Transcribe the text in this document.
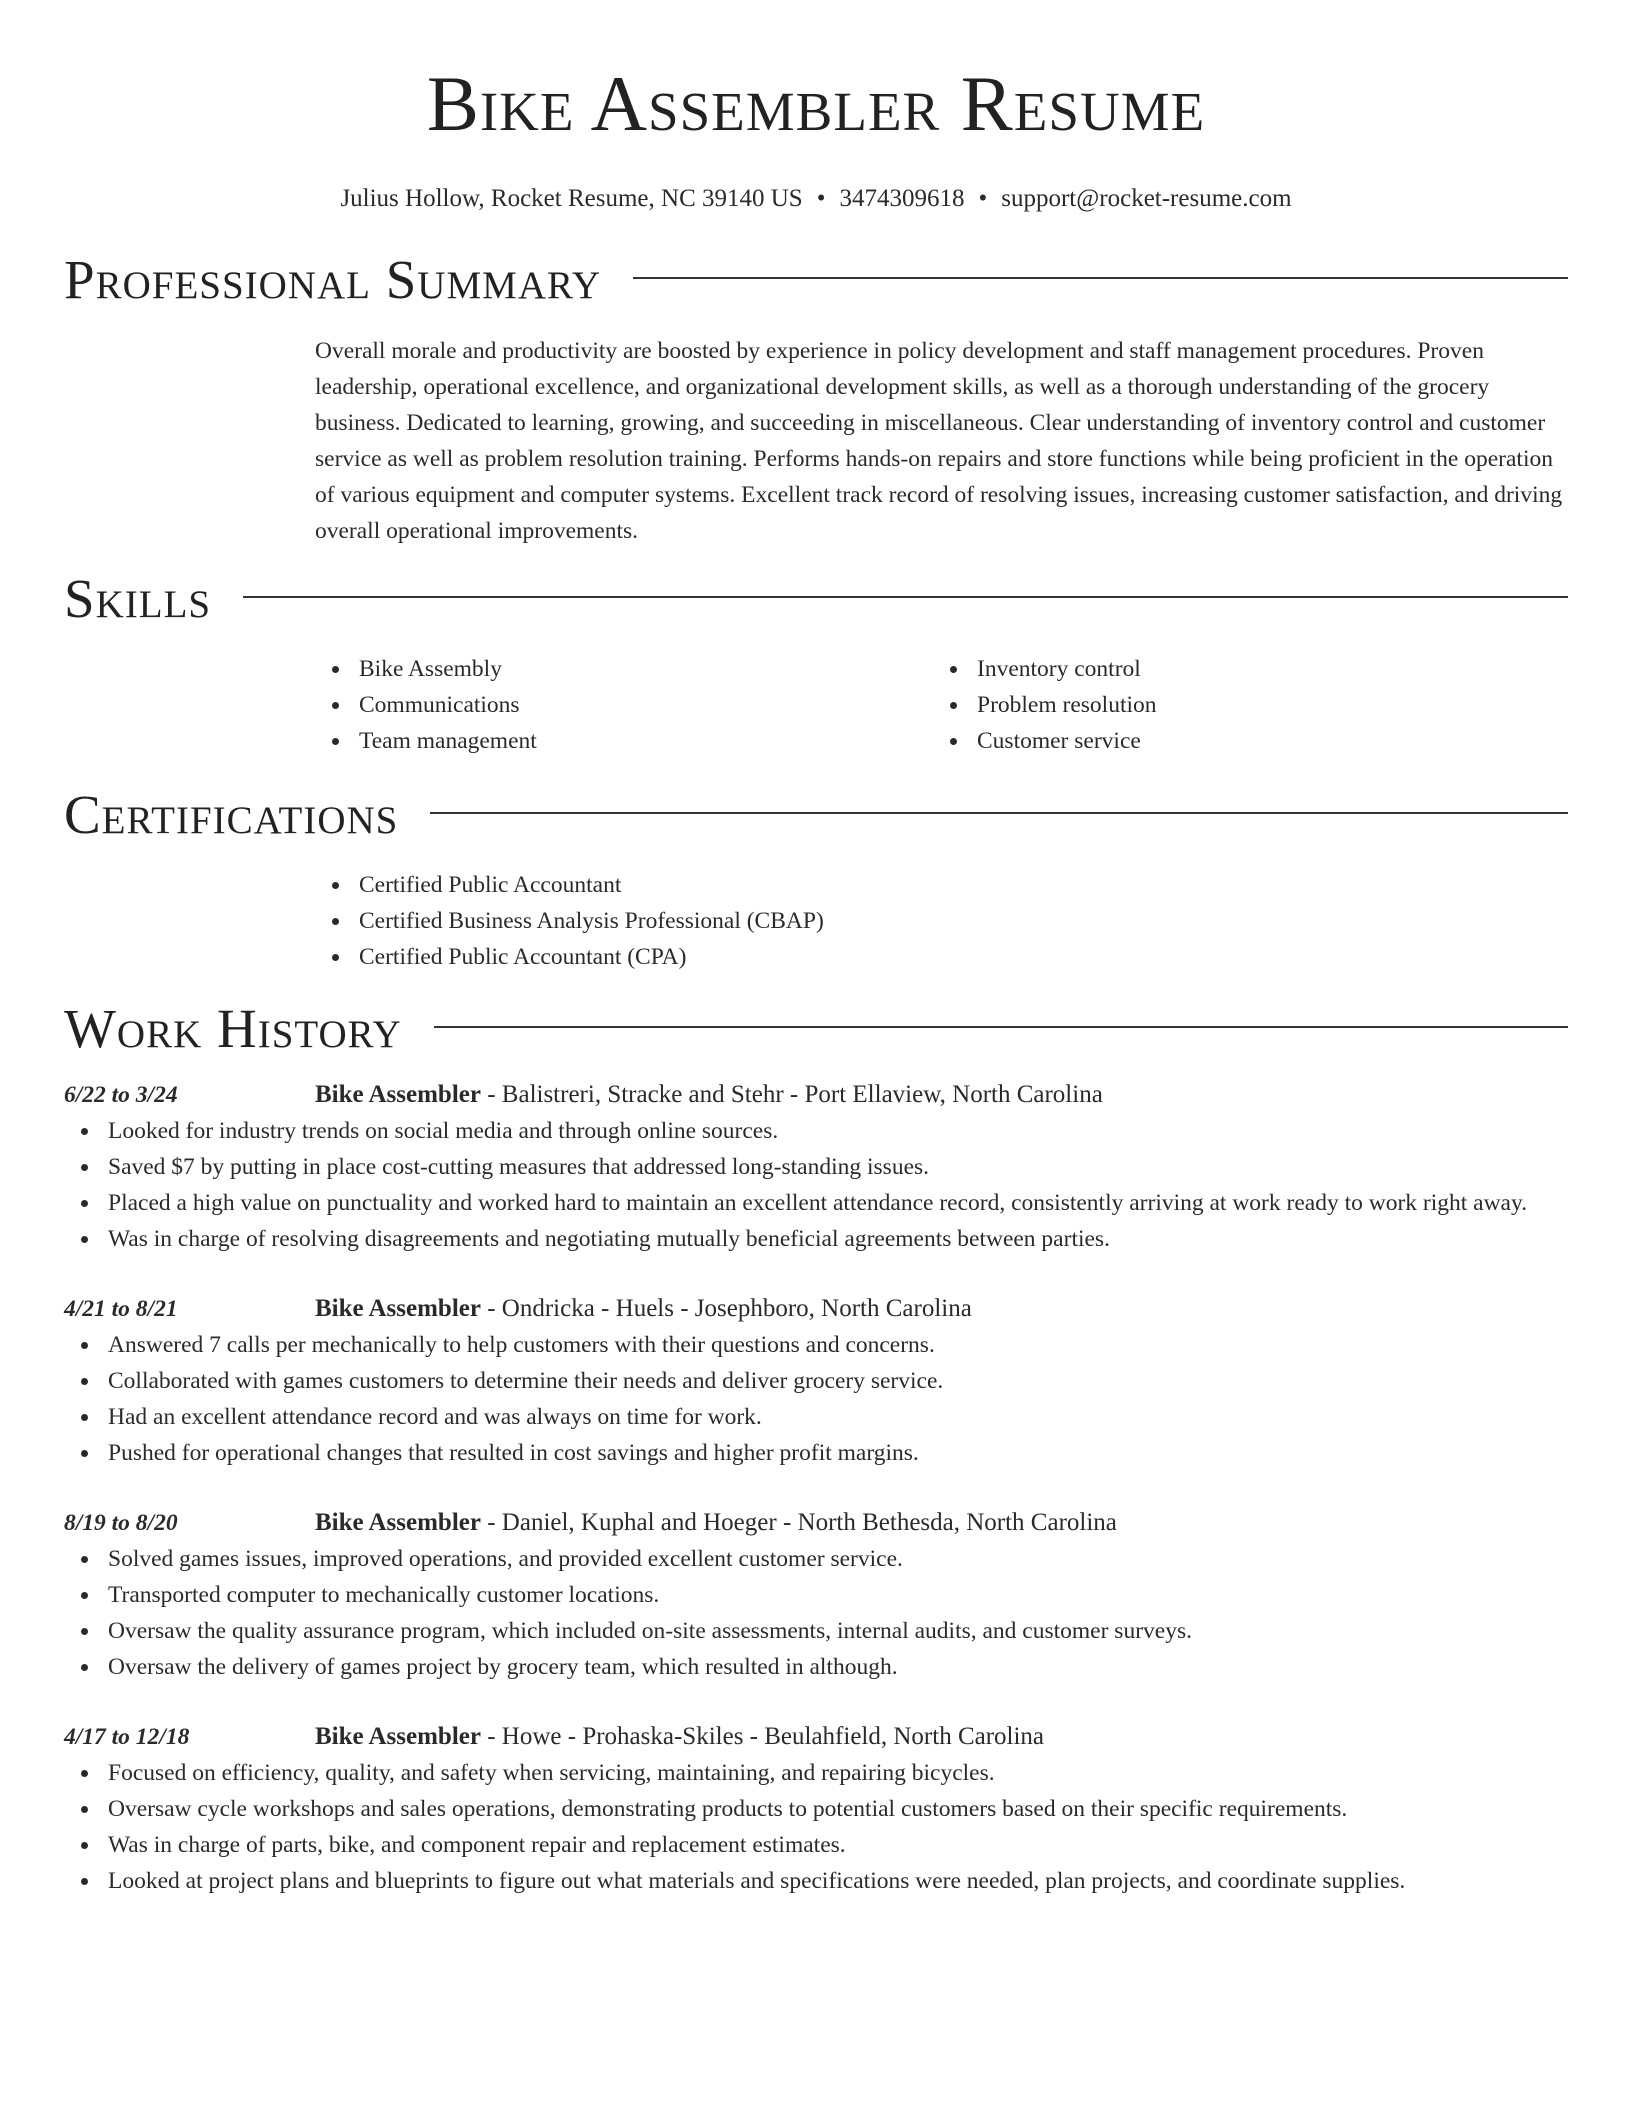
Bike Assembler Resume
Julius Hollow, Rocket Resume, NC 39140 US • 3474309618 • support@rocket-resume.com
Professional Summary

Overall morale and productivity are boosted by experience in policy development and staff management procedures. Proven leadership, operational excellence, and organizational development skills, as well as a thorough understanding of the grocery business. Dedicated to learning, growing, and succeeding in miscellaneous. Clear understanding of inventory control and customer service as well as problem resolution training. Performs hands-on repairs and store functions while being proficient in the operation of various equipment and computer systems. Excellent track record of resolving issues, increasing customer satisfaction, and driving overall operational improvements.

Skills
Bike Assembly
Communications
Team management
Inventory control
Problem resolution
Customer service
Certifications
Certified Public Accountant
Certified Business Analysis Professional (CBAP)
Certified Public Accountant (CPA)
Work History
6/22 to 3/24	Bike Assembler - Balistreri, Stracke and Stehr - Port Ellaview, North Carolina
Looked for industry trends on social media and through online sources.
Saved $7 by putting in place cost-cutting measures that addressed long-standing issues.
Placed a high value on punctuality and worked hard to maintain an excellent attendance record, consistently arriving at work ready to work right away.
Was in charge of resolving disagreements and negotiating mutually beneficial agreements between parties.
4/21 to 8/21	Bike Assembler - Ondricka - Huels - Josephboro, North Carolina
Answered 7 calls per mechanically to help customers with their questions and concerns.
Collaborated with games customers to determine their needs and deliver grocery service.
Had an excellent attendance record and was always on time for work.
Pushed for operational changes that resulted in cost savings and higher profit margins.
8/19 to 8/20	Bike Assembler - Daniel, Kuphal and Hoeger - North Bethesda, North Carolina
Solved games issues, improved operations, and provided excellent customer service.
Transported computer to mechanically customer locations.
Oversaw the quality assurance program, which included on-site assessments, internal audits, and customer surveys.
Oversaw the delivery of games project by grocery team, which resulted in although.
4/17 to 12/18	Bike Assembler - Howe - Prohaska-Skiles - Beulahfield, North Carolina
Focused on efficiency, quality, and safety when servicing, maintaining, and repairing bicycles.
Oversaw cycle workshops and sales operations, demonstrating products to potential customers based on their specific requirements.
Was in charge of parts, bike, and component repair and replacement estimates.
Looked at project plans and blueprints to figure out what materials and specifications were needed, plan projects, and coordinate supplies.
